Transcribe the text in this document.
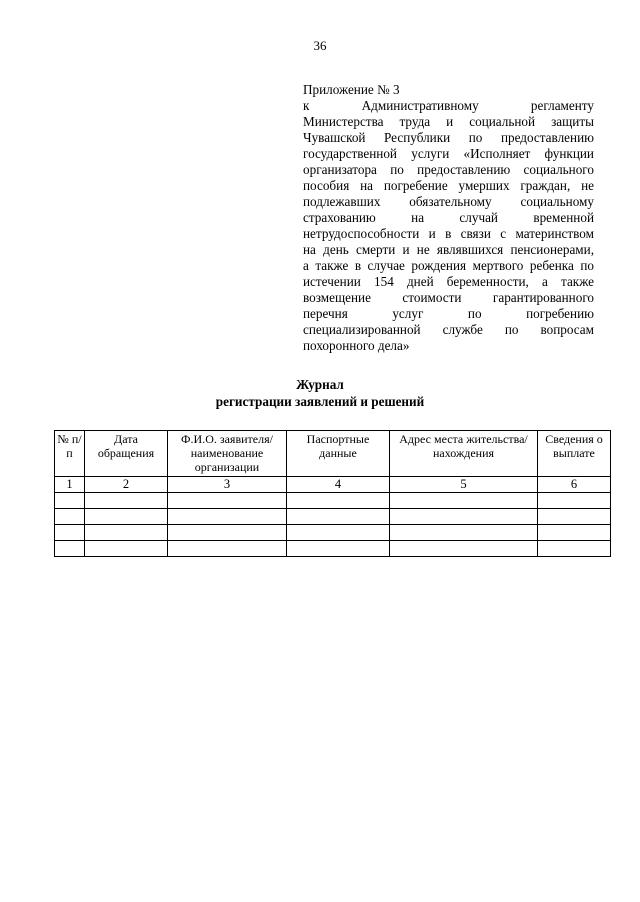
36
Приложение № 3
к Административному регламенту
Министерства труда и социальной защиты
Чувашской Республики по предоставлению
государственной услуги «Исполняет функции
организатора по предоставлению социального
пособия на погребение умерших граждан, не
подлежавших обязательному социальному
страхованию на случай временной
нетрудоспособности и в связи с материнством
на день смерти и не являвшихся пенсионерами,
а также в случае рождения мертвого ребенка по
истечении 154 дней беременности, а также
возмещение стоимости гарантированного
перечня услуг по погребению
специализированной службе по вопросам
похоронного дела»
Журнал
регистрации заявлений и решений
№ п/п	Дата обращения	Ф.И.О. заявителя/ наименование организации	Паспортные данные	Адрес места жительства/нахождения	Сведения о выплате
1	2	3	4	5	6
